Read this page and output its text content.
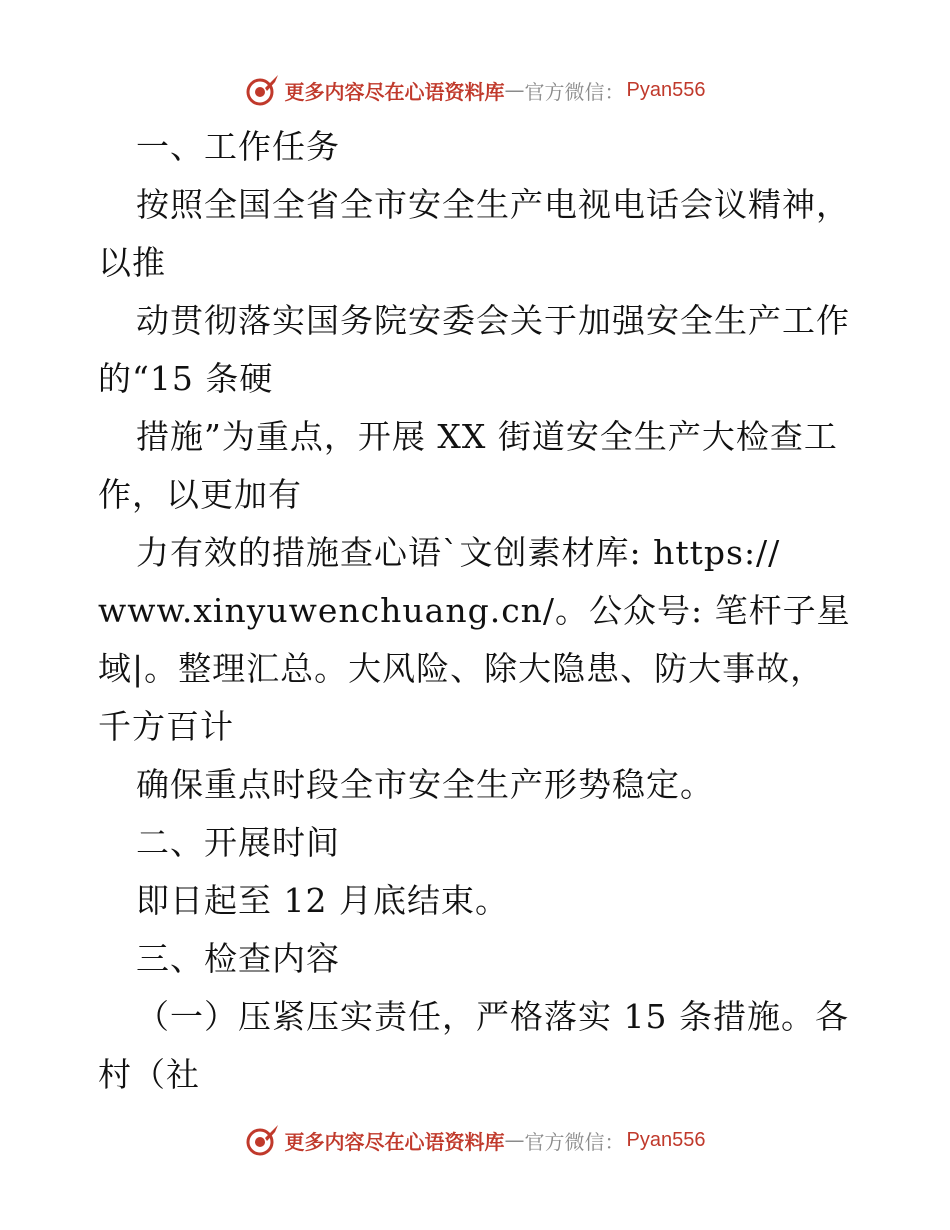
更多内容尽在心语资料库 — 官方微信： Pyan556
一、工作任务
按照全国全省全市安全生产电视电话会议精神，
以推
动贯彻落实国务院安委会关于加强安全生产工作
的“15 条硬
措施”为重点，开展 XX 街道安全生产大检查工
作，以更加有
力有效的措施查心语`文创素材库: https://
www.xinyuwenchuang.cn/。公众号: 笔杆子星
域|。整理汇总。大风险、除大隐患、防大事故，
千方百计
确保重点时段全市安全生产形势稳定。
二、开展时间
即日起至 12 月底结束。
三、检查内容
（一）压紧压实责任，严格落实 15 条措施。各
村（社
更多内容尽在心语资料库 — 官方微信： Pyan556
